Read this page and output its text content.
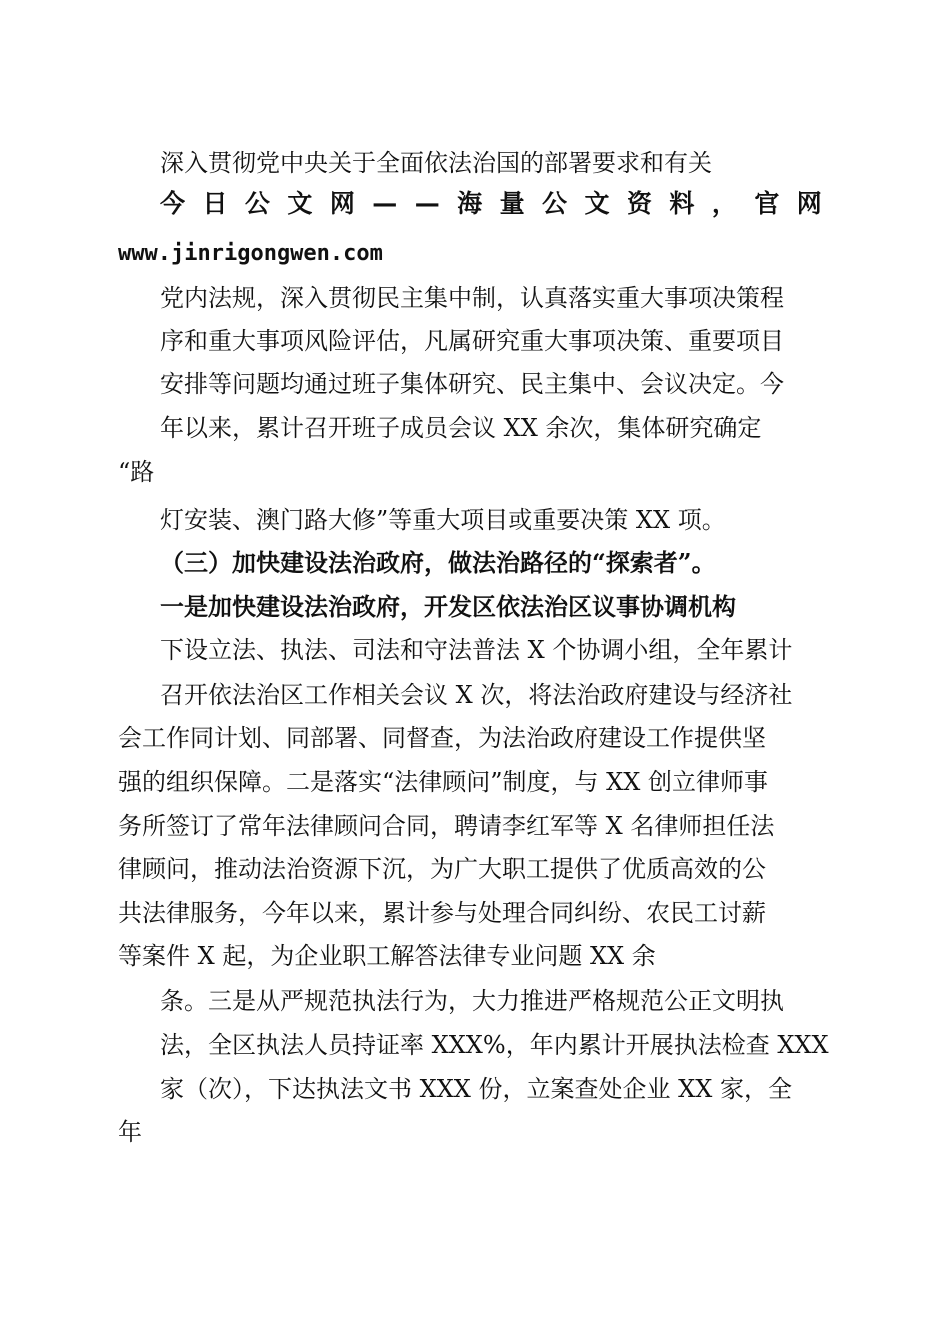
深入贯彻党中央关于全面依法治国的部署要求和有关
今 日 公 文 网 — — 海 量 公 文 资 料 ， 官 网
www.jinrigongwen.com
党内法规，深入贯彻民主集中制，认真落实重大事项决策程
序和重大事项风险评估，凡属研究重大事项决策、重要项目
安排等问题均通过班子集体研究、民主集中、会议决定。今
年以来，累计召开班子成员会议 XX 余次，集体研究确定
“路
灯安装、澳门路大修”等重大项目或重要决策 XX 项。
（三）加快建设法治政府，做法治路径的“探索者”。
一是加快建设法治政府，开发区依法治区议事协调机构
下设立法、执法、司法和守法普法 X 个协调小组，全年累计
召开依法治区工作相关会议 X 次，将法治政府建设与经济社
会工作同计划、同部署、同督查，为法治政府建设工作提供坚
强的组织保障。二是落实“法律顾问”制度，与 XX 创立律师事
务所签订了常年法律顾问合同，聘请李红军等 X 名律师担任法
律顾问，推动法治资源下沉，为广大职工提供了优质高效的公
共法律服务，今年以来，累计参与处理合同纠纷、农民工讨薪
等案件 X 起，为企业职工解答法律专业问题 XX 余
条。三是从严规范执法行为，大力推进严格规范公正文明执
法，全区执法人员持证率 XXX%，年内累计开展执法检查 XXX
家（次），下达执法文书 XXX 份，立案查处企业 XX 家，全
年
